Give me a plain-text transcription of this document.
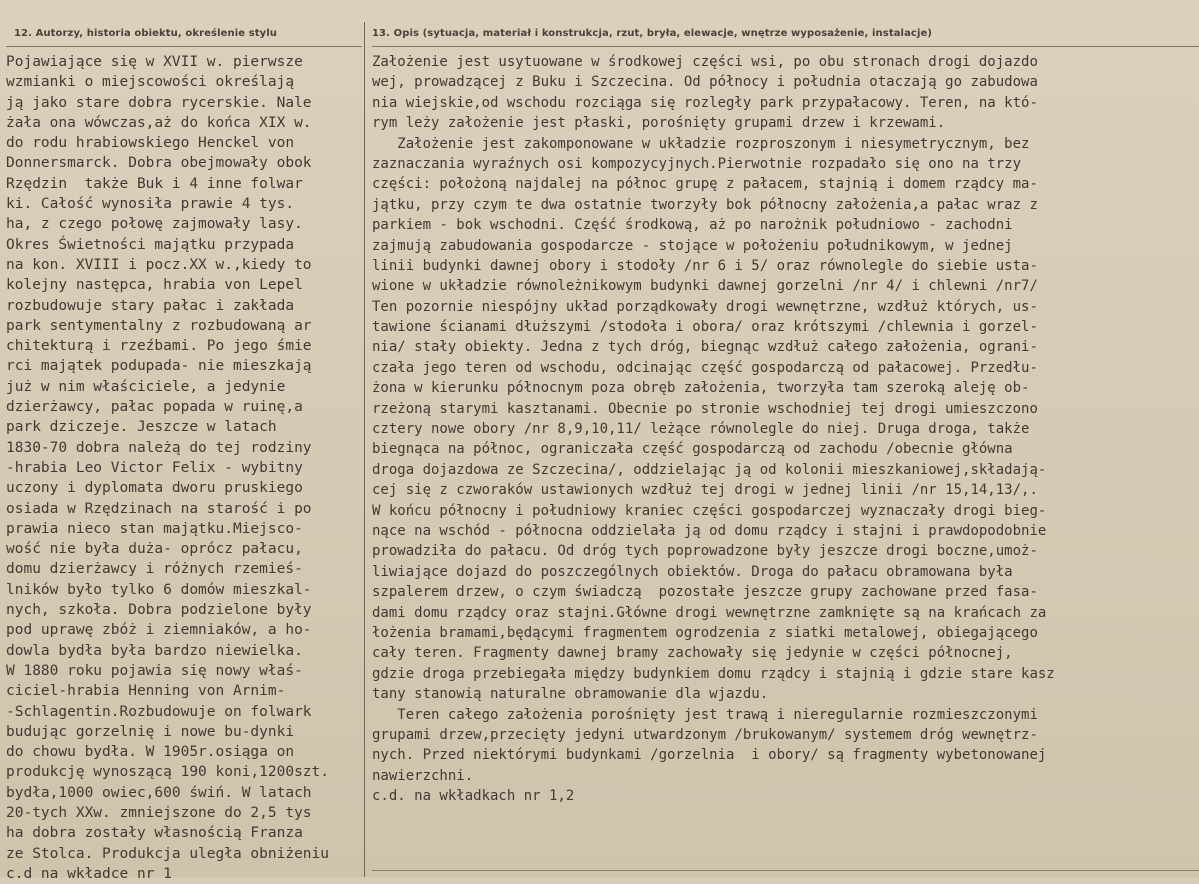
12. Autorzy, historia obiektu, określenie stylu	13. Opis (sytuacja, materiał i konstrukcja, rzut, bryła, elewacje, wnętrze wyposażenie, instalacje)
Pojawiające się w XVII w. pierwsze
wzmianki o miejscowości określają
ją jako stare dobra rycerskie. Nale
żała ona wówczas,aż do końca XIX w.
do rodu hrabiowskiego Henckel von
Donnersmarck. Dobra obejmowały obok
Rzędzin  także Buk i 4 inne folwar
ki. Całość wynosiła prawie 4 tys.
ha, z czego połowę zajmowały lasy.
Okres Świetności majątku przypada
na kon. XVIII i pocz.XX w.,kiedy to
kolejny następca, hrabia von Lepel
rozbudowuje stary pałac i zakłada
park sentymentalny z rozbudowaną ar
chitekturą i rzeźbami. Po jego śmie
rci majątek podupada- nie mieszkają
już w nim właściciele, a jedynie
dzierżawcy, pałac popada w ruinę,a
park dziczeje. Jeszcze w latach
1830-70 dobra należą do tej rodziny
-hrabia Leo Victor Felix - wybitny
uczony i dyplomata dworu pruskiego
osiada w Rzędzinach na starość i po
prawia nieco stan majątku.Miejsco-
wość nie była duża- oprócz pałacu,
domu dzierżawcy i różnych rzemieś-
lników było tylko 6 domów mieszkal-
nych, szkoła. Dobra podzielone były
pod uprawę zbóż i ziemniaków, a ho-
dowla bydła była bardzo niewielka.
W 1880 roku pojawia się nowy właś-
ciciel-hrabia Henning von Arnim-
-Schlagentin.Rozbudowuje on folwark
budując gorzelnię i nowe bu-dynki
do chowu bydła. W 1905r.osiąga on
produkcję wynoszącą 190 koni,1200szt.
bydła,1000 owiec,600 świń. W latach
20-tych XXw. zmniejszone do 2,5 tys
ha dobra zostały własnością Franza
ze Stolca. Produkcja uległa obniżeniu
c.d na wkładce nr 1
Założenie jest usytuowane w środkowej części wsi, po obu stronach drogi dojazdo
wej, prowadzącej z Buku i Szczecina. Od północy i południa otaczają go zabudowa
nia wiejskie,od wschodu rozciąga się rozległy park przypałacowy. Teren, na któ-
rym leży założenie jest płaski, porośnięty grupami drzew i krzewami.
Założenie jest zakomponowane w układzie rozproszonym i niesymetrycznym, bez
zaznaczania wyraźnych osi kompozycyjnych.Pierwotnie rozpadało się ono na trzy
części: położoną najdalej na północ grupę z pałacem, stajnią i domem rządcy ma-
jątku, przy czym te dwa ostatnie tworzyły bok północny założenia,a pałac wraz z
parkiem - bok wschodni. Część środkową, aż po narożnik południowo - zachodni
zajmują zabudowania gospodarcze - stojące w położeniu południkowym, w jednej
linii budynki dawnej obory i stodoły /nr 6 i 5/ oraz równolegle do siebie usta-
wione w układzie równoleżnikowym budynki dawnej gorzelni /nr 4/ i chlewni /nr7/
Ten pozornie niespójny układ porządkowały drogi wewnętrzne, wzdłuż których, us-
tawione ścianami dłuższymi /stodoła i obora/ oraz krótszymi /chlewnia i gorzel-
nia/ stały obiekty. Jedna z tych dróg, biegnąc wzdłuż całego założenia, ograni-
czała jego teren od wschodu, odcinając część gospodarczą od pałacowej. Przedłu-
żona w kierunku północnym poza obręb założenia, tworzyła tam szeroką aleję ob-
rzeżoną starymi kasztanami. Obecnie po stronie wschodniej tej drogi umieszczono
cztery nowe obory /nr 8,9,10,11/ leżące równolegle do niej. Druga droga, także
biegnąca na północ, ograniczała część gospodarczą od zachodu /obecnie główna
droga dojazdowa ze Szczecina/, oddzielając ją od kolonii mieszkaniowej,składają-
cej się z czworaków ustawionych wzdłuż tej drogi w jednej linii /nr 15,14,13/,.
W końcu północny i południowy kraniec części gospodarczej wyznaczały drogi bieg-
nące na wschód - północna oddzielała ją od domu rządcy i stajni i prawdopodobnie
prowadziła do pałacu. Od dróg tych poprowadzone były jeszcze drogi boczne,umoż-
liwiające dojazd do poszczególnych obiektów. Droga do pałacu obramowana była
szpalerem drzew, o czym świadczą  pozostałe jeszcze grupy zachowane przed fasa-
dami domu rządcy oraz stajni.Główne drogi wewnętrzne zamknięte są na krańcach za
łożenia bramami,będącymi fragmentem ogrodzenia z siatki metalowej, obiegającego
cały teren. Fragmenty dawnej bramy zachowały się jedynie w części północnej,
gdzie droga przebiegała między budynkiem domu rządcy i stajnią i gdzie stare kasz
tany stanowią naturalne obramowanie dla wjazdu.
Teren całego założenia porośnięty jest trawą i nieregularnie rozmieszczonymi
grupami drzew,przecięty jedyni utwardzonym /brukowanym/ systemem dróg wewnętrz-
nych. Przed niektórymi budynkami /gorzelnia  i obory/ są fragmenty wybetonowanej
nawierzchni.
c.d. na wkładkach nr 1,2
